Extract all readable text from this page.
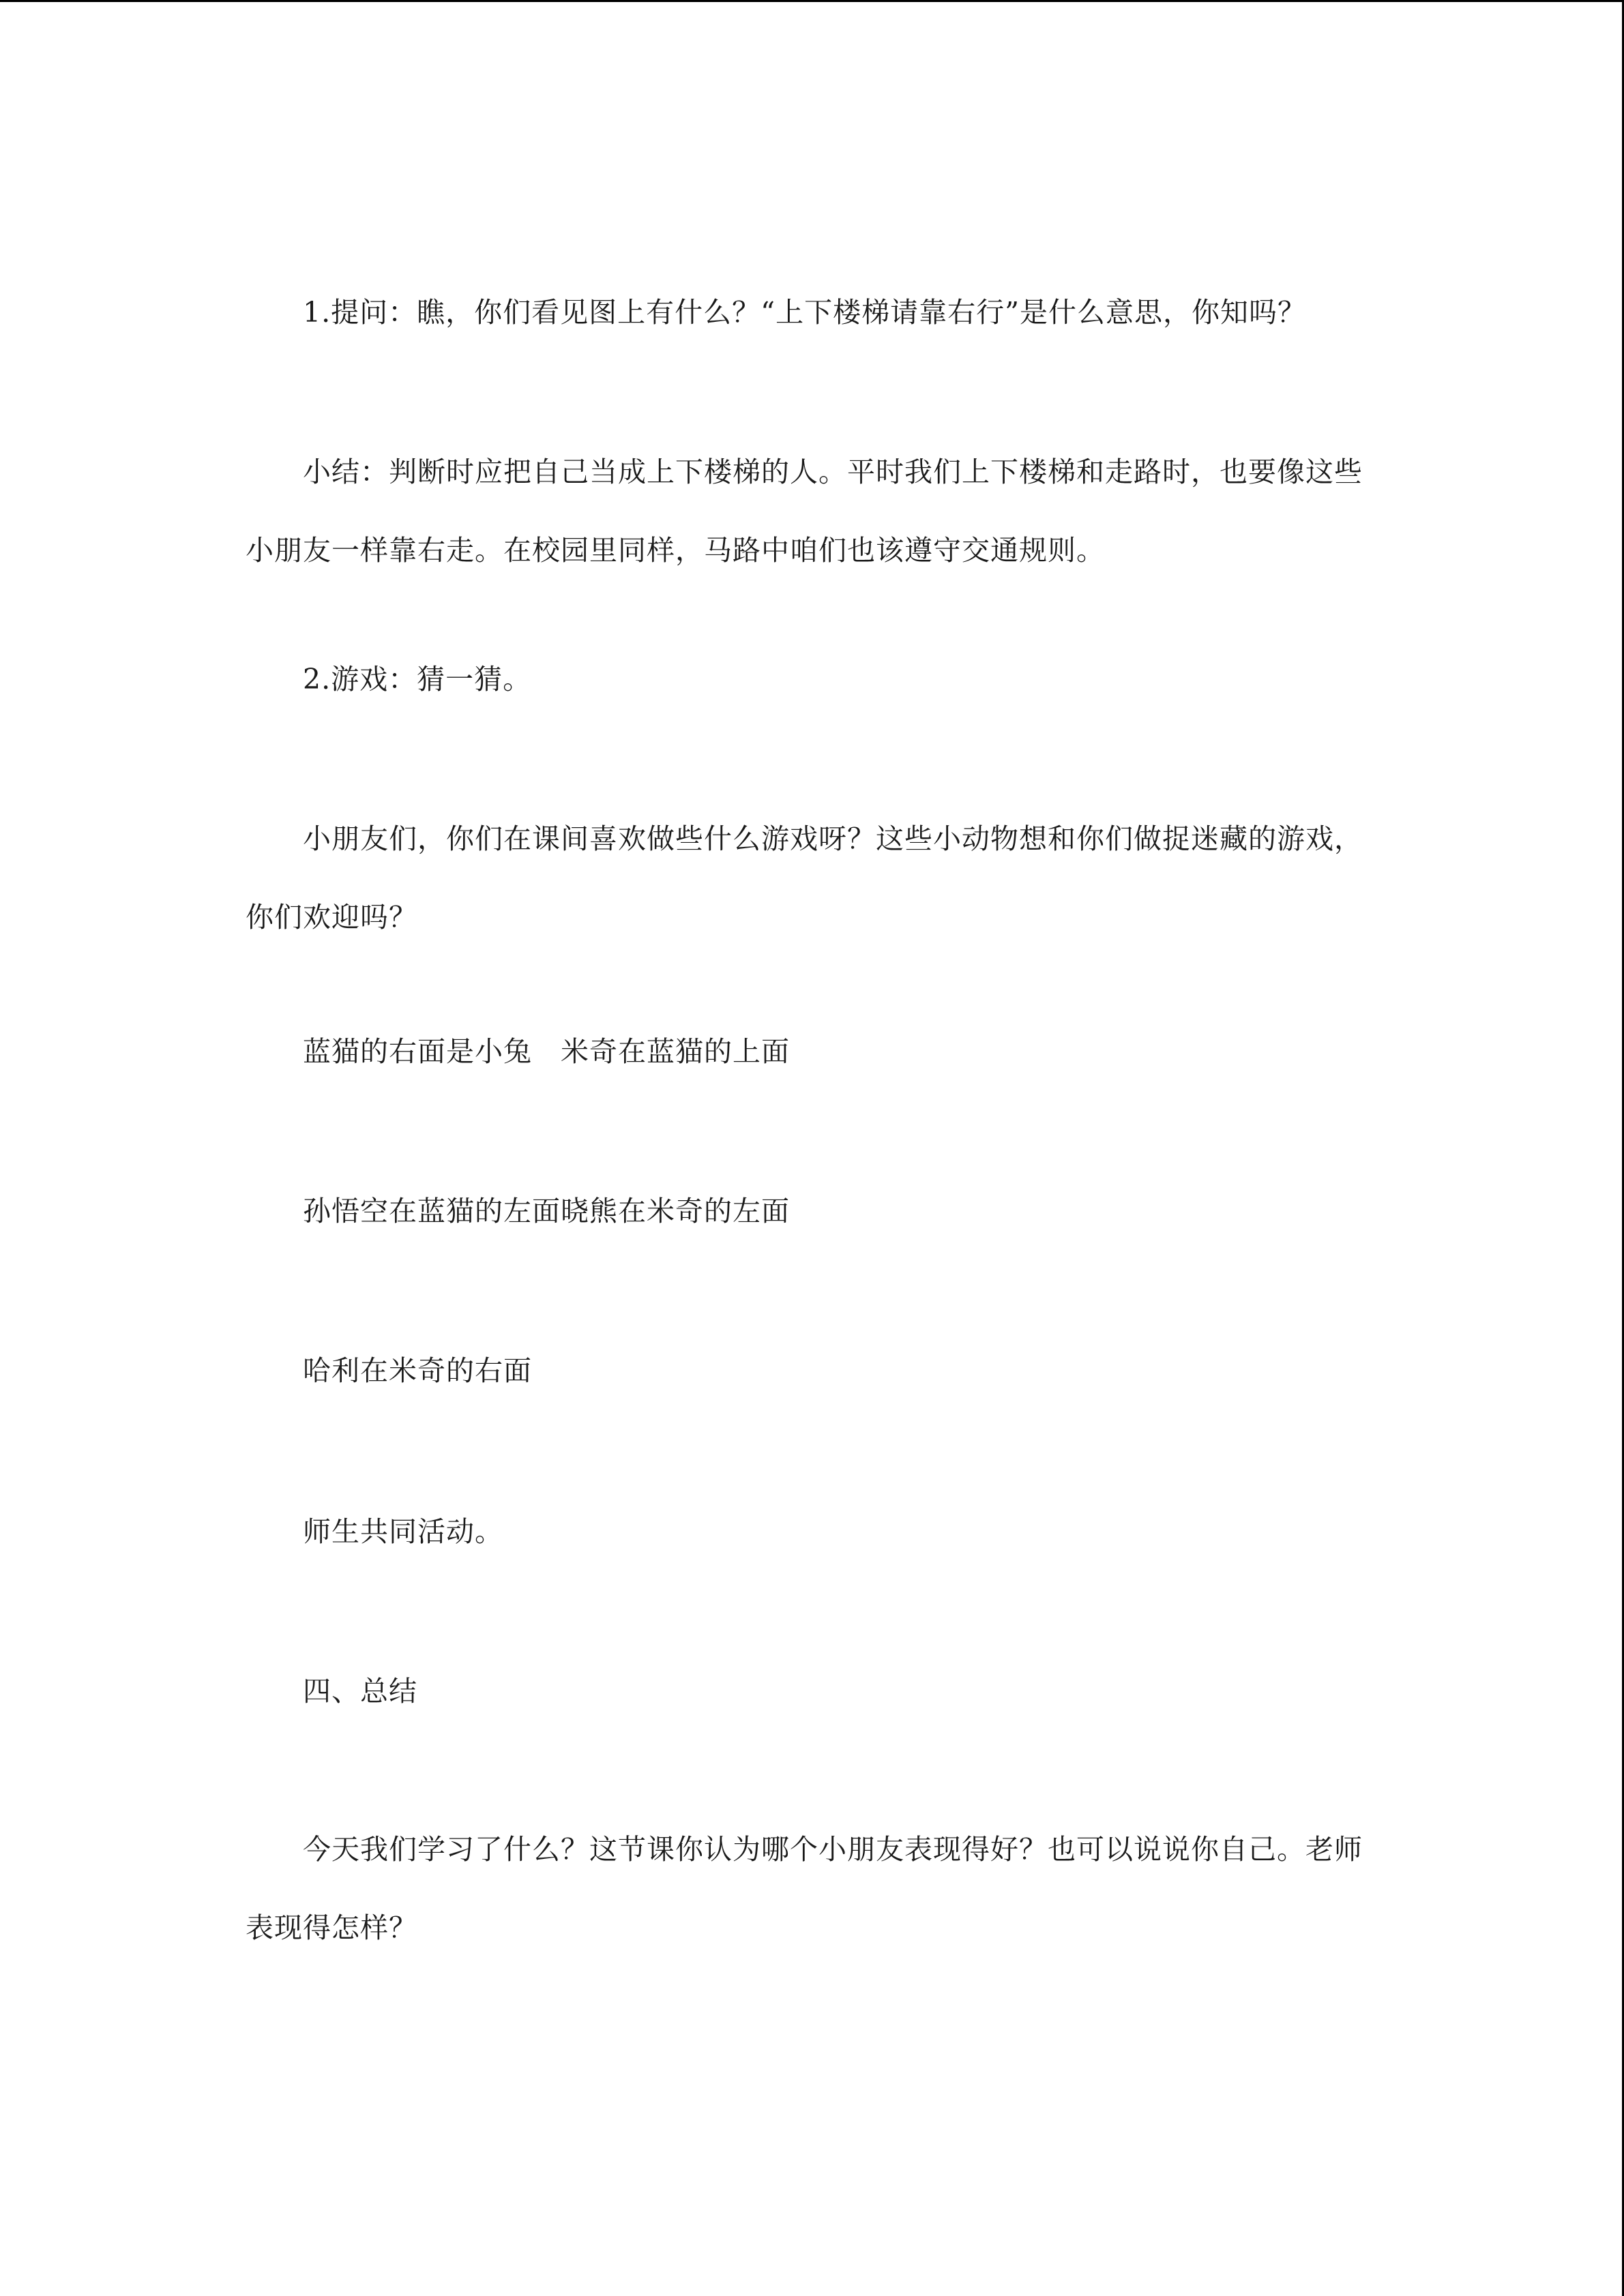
1.提问：瞧，你们看见图上有什么？“上下楼梯请靠右行”是什么意思，你知吗？

小结：判断时应把自己当成上下楼梯的人。平时我们上下楼梯和走路时，也要像这些小朋友一样靠右走。在校园里同样，马路中咱们也该遵守交通规则。

2.游戏：猜一猜。

小朋友们，你们在课间喜欢做些什么游戏呀？这些小动物想和你们做捉迷藏的游戏，你们欢迎吗？

蓝猫的右面是小兔　米奇在蓝猫的上面

孙悟空在蓝猫的左面晓熊在米奇的左面

哈利在米奇的右面

师生共同活动。

四、总结

今天我们学习了什么？这节课你认为哪个小朋友表现得好？也可以说说你自己。老师表现得怎样？
